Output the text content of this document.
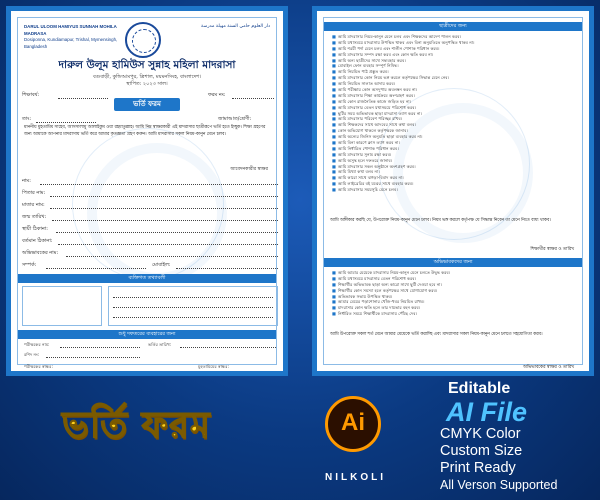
DARUL ULOOM HAMIYUS SUNNAH MOHILA MADRASA
Dosiponna, Kundiamapur, Trishal, Mymensingh, Bangladesh
دار العلوم حامي السنة مهيلة مدرسة
দারুল উলূম হামিউস সুন্নাহ মহিলা মাদরাসা
বগুবাড়ী, কুন্ডিআমপুর, ত্রিশাল, ময়মনসিংহ, বাংলাদেশ।
স্থাপিত: ২০২৩ সাল।
শিক্ষাবর্ষ:	ফরম নং:
ভর্তি ফরম
তাং:	জামাআত/শ্রেণী:
মাননীয় মুহতামিম সাহেব, আসসালামু আলাইকুম ওয়া রহমাতুল্লাহ। আমি নিম্ন স্বাক্ষরকারী এই মাদরাসার ছাত্রীরূপে ভর্তি হতে ইচ্ছুক। শিক্ষা গ্রহণের জন্য আমাকে আপনার মাদরাসায় ভর্তি করে আমার কৃতজ্ঞতা গ্রহণ করুন। আমি মাদরাসার সকল নিয়ম-কানুন মেনে চলব।
আবেদনকারীর স্বাক্ষর
নাম:
পিতার নাম:
মাতার নাম:
জন্ম তারিখ:
স্থায়ী ঠিকানা:
বর্তমান ঠিকানা:
অভিভাবকের নাম:
সম্পর্ক:	মোবাইল:
ব্যক্তিগত তথ্যাবলী
শুধু দফতরের ব্যবহারের জন্য
পরীক্ষকের নাম:	ভর্তির তারিখ:
রশিদ নং:
পরীক্ষকের স্বাক্ষর:	মুহতামিমের স্বাক্ষর:
ছাত্রীদের জন্য
■ আমি মাদরাসার নিয়ম-কানুন মেনে চলব এবং শিক্ষকদের আদেশ পালন করব।
■ আমি যথাসময়ে মাদরাসায় উপস্থিত থাকব এবং বিনা অনুমতিতে অনুপস্থিত থাকব না।
■ আমি শরয়ী পর্দা মেনে চলব এবং শালীন পোশাক পরিধান করব।
■ আমি মাদরাসার সম্পদ রক্ষা করব এবং কোন ক্ষতি করব না।
■ আমি অন্য ছাত্রীদের সাথে সদ্ব্যবহার করব।
■ মোবাইল ফোন ব্যবহার সম্পূর্ণ নিষিদ্ধ।
■ আমি নিয়মিত পাঠ প্রস্তুত করব।
■ আমি মাদরাসার কোন নিয়ম ভঙ্গ করলে কর্তৃপক্ষের সিদ্ধান্ত মেনে নেব।
■ আমি নিয়মিত সালাত আদায় করব।
■ আমি পরীক্ষায় কোন অসদুপায় অবলম্বন করব না।
■ আমি মাদরাসার শিক্ষা কার্যক্রমে অংশগ্রহণ করব।
■ আমি কোন রাজনৈতিক কাজে জড়িত হব না।
■ আমি মাদরাসার বেতন যথাসময়ে পরিশোধ করব।
■ ছুটির সময় অভিভাবক ছাড়া মাদরাসা ত্যাগ করব না।
■ আমি মাদরাসার পরিবেশ পরিচ্ছন্ন রাখব।
■ আমি শিক্ষকদের সাথে আদবের সাথে কথা বলব।
■ কোন অভিযোগ থাকলে কর্তৃপক্ষকে জানাব।
■ আমি অন্যের জিনিস অনুমতি ছাড়া ব্যবহার করব না।
■ আমি বিনা কারণে ক্লাস ত্যাগ করব না।
■ আমি নির্ধারিত পোশাক পরিধান করব।
■ আমি মাদরাসার সুনাম রক্ষা করব।
■ আমি অসুস্থ হলে দফতরে জানাব।
■ আমি মাদরাসার সকল অনুষ্ঠানে অংশগ্রহণ করব।
■ আমি মিথ্যা কথা বলব না।
■ আমি কারো সাথে ঝগড়া-বিবাদ করব না।
■ আমি লাইব্রেরির বই যত্নের সাথে ব্যবহার করব।
■ আমি মাদরাসার সময়সূচি মেনে চলব।
আমি অঙ্গীকার করছি যে, উপরোক্ত নিয়ম-কানুন মেনে চলব। নিয়ম ভঙ্গ করলে কর্তৃপক্ষ যে সিদ্ধান্ত নিবেন তা মেনে নিতে বাধ্য থাকব।
শিক্ষার্থীর স্বাক্ষর ও তারিখ
অভিভাবকদের জন্য
■ আমি আমার মেয়েকে মাদরাসার নিয়ম-কানুন মেনে চলতে উদ্বুদ্ধ করব।
■ আমি যথাসময়ে মাদরাসার বেতন পরিশোধ করব।
■ শিক্ষার্থীর অভিভাবক ছাড়া অন্য কারো সাথে ছুটি দেওয়া হবে না।
■ শিক্ষার্থীর কোন সমস্যা হলে কর্তৃপক্ষের সাথে যোগাযোগ করব।
■ অভিভাবক সভায় উপস্থিত থাকব।
■ আমার মেয়ের পড়াশোনার খোঁজ-খবর নিয়মিত রাখব।
■ মাদরাসার কোন ক্ষতি হলে তার দায়ভার বহন করব।
■ নির্ধারিত সময়ে শিক্ষার্থীকে মাদরাসায় পৌঁছে দেব।
আমি উপরোক্ত সকল শর্ত মেনে আমার মেয়েকে ভর্তি করাচ্ছি এবং মাদরাসার সকল নিয়ম-কানুন মেনে চলতে সহযোগিতা করব।
অভিভাবকের স্বাক্ষর ও তারিখ
ভর্তি ফরম	Ai
NILKOLI
Editable
AI File
CMYK Color
Custom Size
Print Ready
All Verson Supported
